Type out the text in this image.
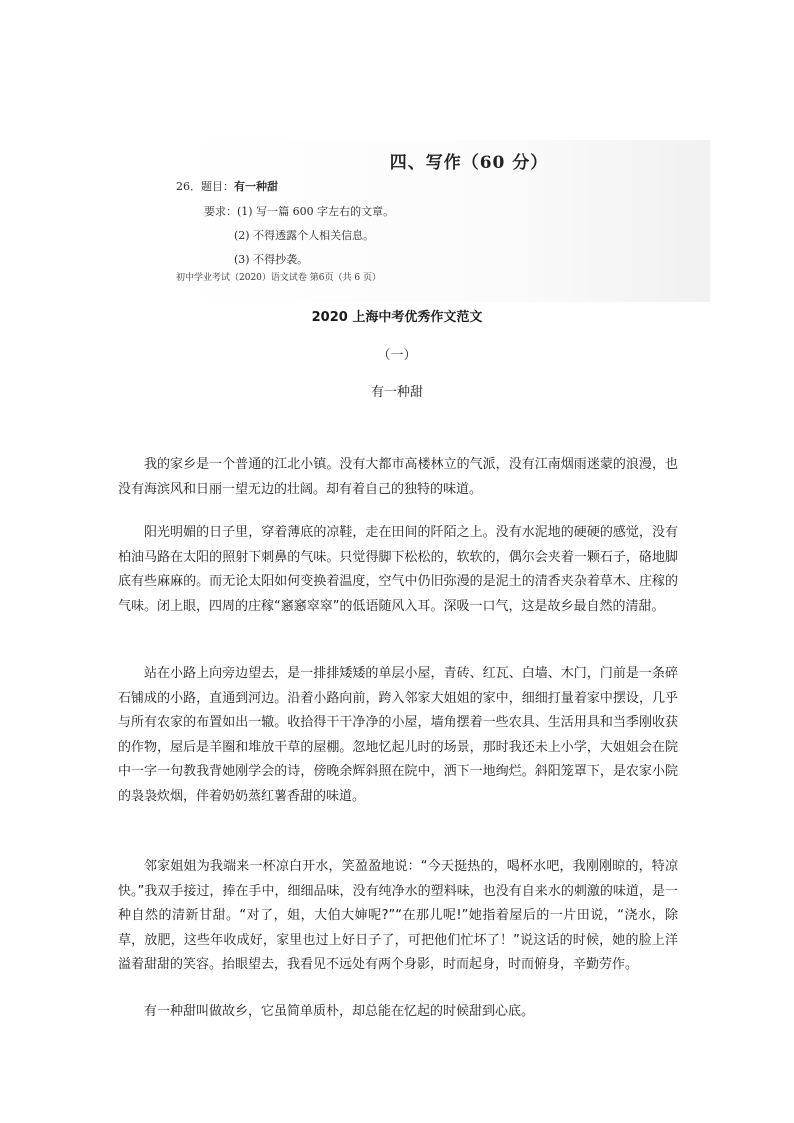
四、写作（60 分）
26．题目：有一种甜
要求：(1) 写一篇 600 字左右的文章。
(2) 不得透露个人相关信息。
(3) 不得抄袭。
初中学业考试（2020）语文试卷 第6页（共 6 页）
2020 上海中考优秀作文范文
（一）
有一种甜

我的家乡是一个普通的江北小镇。没有大都市高楼林立的气派，没有江南烟雨迷蒙的浪漫，也没有海滨风和日丽一望无边的壮阔。却有着自己的独特的味道。

阳光明媚的日子里，穿着薄底的凉鞋，走在田间的阡陌之上。没有水泥地的硬硬的感觉，没有柏油马路在太阳的照射下刺鼻的气味。只觉得脚下松松的，软软的，偶尔会夹着一颗石子，硌地脚底有些麻麻的。而无论太阳如何变换着温度，空气中仍旧弥漫的是泥土的清香夹杂着草木、庄稼的气味。闭上眼，四周的庄稼“窸窸窣窣”的低语随风入耳。深吸一口气，这是故乡最自然的清甜。

站在小路上向旁边望去，是一排排矮矮的单层小屋，青砖、红瓦、白墙、木门，门前是一条碎石铺成的小路，直通到河边。沿着小路向前，跨入邻家大姐姐的家中，细细打量着家中摆设，几乎与所有农家的布置如出一辙。收拾得干干净净的小屋，墙角摆着一些农具、生活用具和当季刚收获的作物，屋后是羊圈和堆放干草的屋棚。忽地忆起儿时的场景，那时我还未上小学，大姐姐会在院中一字一句教我背她刚学会的诗，傍晚余辉斜照在院中，洒下一地绚烂。斜阳笼罩下，是农家小院的袅袅炊烟，伴着奶奶蒸红薯香甜的味道。

邻家姐姐为我端来一杯凉白开水，笑盈盈地说：“今天挺热的，喝杯水吧，我刚刚晾的，特凉快。”我双手接过，捧在手中，细细品味，没有纯净水的塑料味，也没有自来水的刺激的味道，是一种自然的清新甘甜。“对了，姐，大伯大婶呢?”“在那儿呢!”她指着屋后的一片田说，“浇水，除草，放肥，这些年收成好，家里也过上好日子了，可把他们忙坏了！”说这话的时候，她的脸上洋溢着甜甜的笑容。抬眼望去，我看见不远处有两个身影，时而起身，时而俯身，辛勤劳作。

有一种甜叫做故乡，它虽简单质朴，却总能在忆起的时候甜到心底。
